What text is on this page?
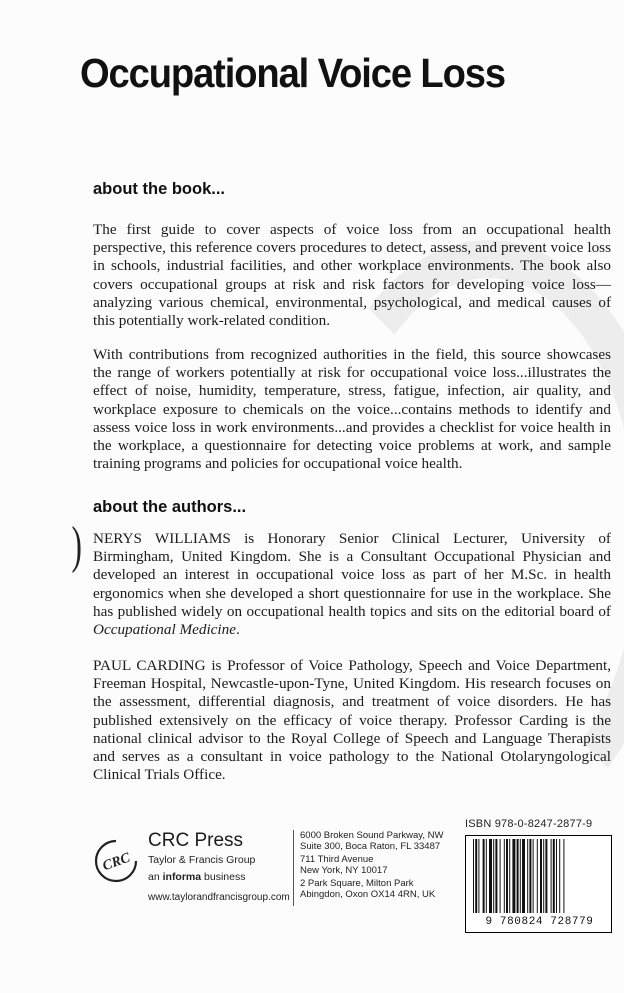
Occupational Voice Loss
about the book...
The first guide to cover aspects of voice loss from an occupational health perspective, this reference covers procedures to detect, assess, and prevent voice loss in schools, industrial facilities, and other workplace environments. The book also covers occupational groups at risk and risk factors for developing voice loss—analyzing various chemical, environmental, psychological, and medical causes of this potentially work-related condition.
With contributions from recognized authorities in the field, this source showcases the range of workers potentially at risk for occupational voice loss...illustrates the effect of noise, humidity, temperature, stress, fatigue, infection, air quality, and workplace exposure to chemicals on the voice...contains methods to identify and assess voice loss in work environments...and provides a checklist for voice health in the workplace, a questionnaire for detecting voice problems at work, and sample training programs and policies for occupational voice health.
about the authors...
) NERYS WILLIAMS is Honorary Senior Clinical Lecturer, University of Birmingham, United Kingdom. She is a Consultant Occupational Physician and developed an interest in occupational voice loss as part of her M.Sc. in health ergonomics when she developed a short questionnaire for use in the workplace. She has published widely on occupational health topics and sits on the editorial board of Occupational Medicine.
PAUL CARDING is Professor of Voice Pathology, Speech and Voice Department, Freeman Hospital, Newcastle-upon-Tyne, United Kingdom. His research focuses on the assessment, differential diagnosis, and treatment of voice disorders. He has published extensively on the efficacy of voice therapy. Professor Carding is the national clinical advisor to the Royal College of Speech and Language Therapists and serves as a consultant in voice pathology to the National Otolaryngological Clinical Trials Office.
CRC
CRC Press
Taylor & Francis Group
an informa business
www.taylorandfrancisgroup.com
6000 Broken Sound Parkway, NW
Suite 300, Boca Raton, FL 33487
711 Third Avenue
New York, NY 10017
2 Park Square, Milton Park
Abingdon, Oxon OX14 4RN, UK
ISBN 978-0-8247-2877-9
9 780824 728779
